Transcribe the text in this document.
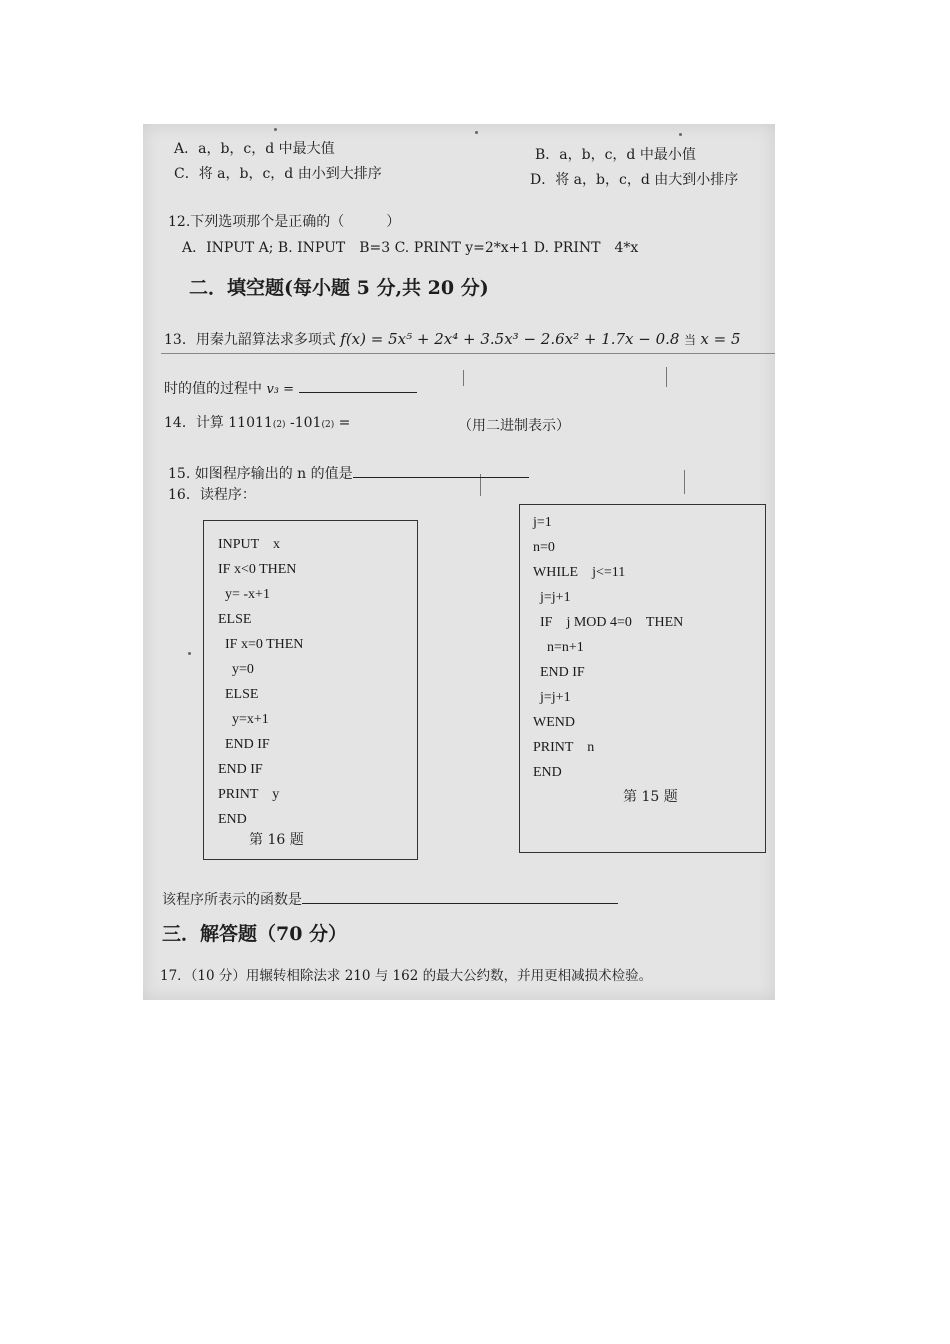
A．a，b，c，d 中最大值	B．a，b，c，d 中最小值
C．将 a，b，c，d 由小到大排序	D．将 a，b，c，d 由大到小排序
12.下列选项那个是正确的（　　　）
A．INPUT A; B. INPUT　B=3 C. PRINT y=2*x+1 D. PRINT　4*x
二．填空题(每小题 5 分,共 20 分)
13．用秦九韶算法求多项式 f(x) = 5x⁵ + 2x⁴ + 3.5x³ − 2.6x² + 1.7x − 0.8 当 x = 5
时的值的过程中 v₃ =
14．计算 11011(2) -101(2) =	（用二进制表示）
15. 如图程序输出的 n 的值是
16．读程序：
INPUT　x
IF x<0 THEN
y= -x+1
ELSE
IF x=0 THEN
y=0
ELSE
y=x+1
END IF
END IF
PRINT　y
END
第 16 题
j=1
n=0
WHILE　j<=11
j=j+1
IF　j MOD 4=0　THEN
n=n+1
END IF
j=j+1
WEND
PRINT　n
END
第 15 题
该程序所表示的函数是
三．解答题（70 分）
17．（10 分）用辗转相除法求 210 与 162 的最大公约数，并用更相减损术检验。
